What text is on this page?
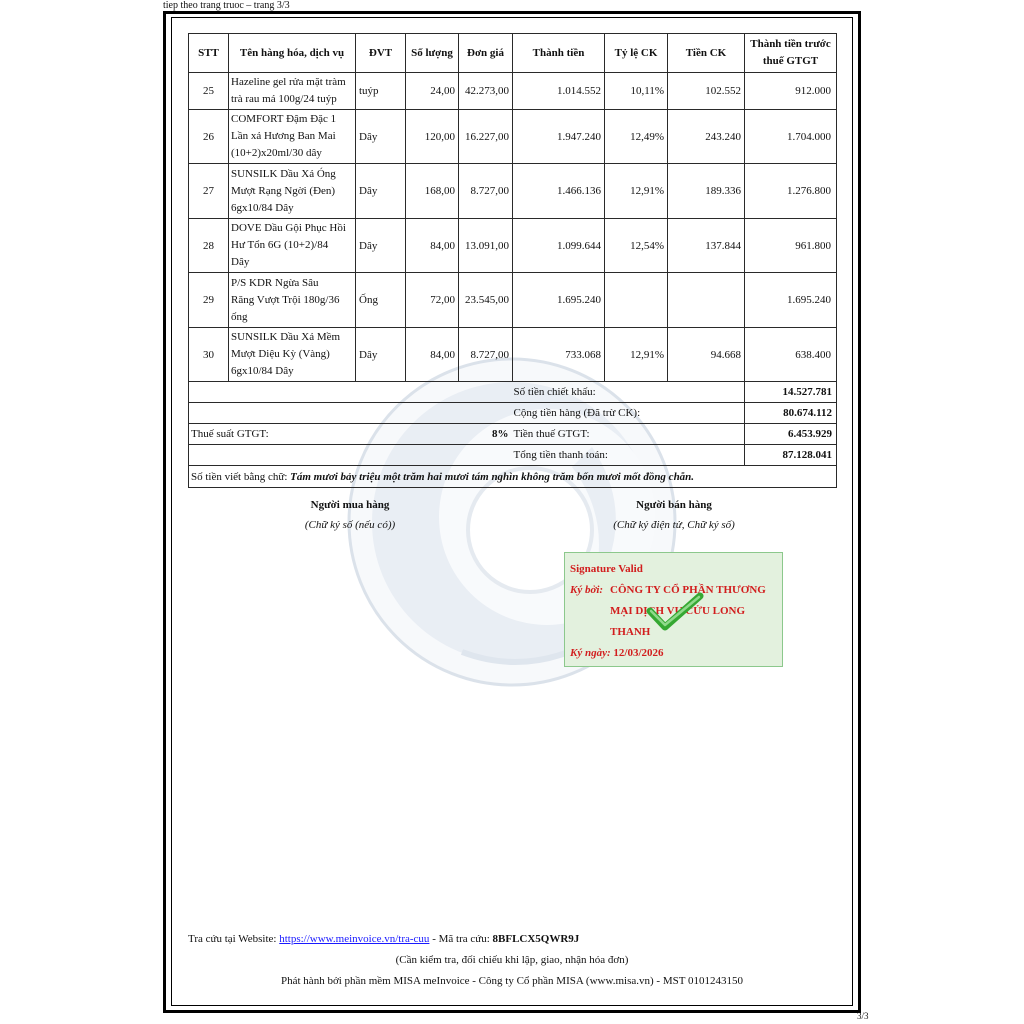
tiep theo trang truoc – trang 3/3
STT	Tên hàng hóa, dịch vụ	ĐVT	Số lượng	Đơn giá	Thành tiền	Tỷ lệ CK	Tiền CK	Thành tiền trước
thuế GTGT

25	Hazeline gel rửa mặt tràm
trà rau má 100g/24 tuýp	tuýp	24,00	42.273,00	1.014.552	10,11%	102.552	912.000
26	COMFORT Đậm Đặc 1
Lần xả Hương Ban Mai
(10+2)x20ml/30 dây	Dây	120,00	16.227,00	1.947.240	12,49%	243.240	1.704.000
27	SUNSILK Dầu Xả Óng
Mượt Rạng Ngời (Đen)
6gx10/84 Dây	Dây	168,00	8.727,00	1.466.136	12,91%	189.336	1.276.800
28	DOVE Dầu Gội Phục Hồi
Hư Tổn 6G (10+2)/84
Dây	Dây	84,00	13.091,00	1.099.644	12,54%	137.844	961.800
29	P/S KDR Ngừa Sâu
Răng Vượt Trội 180g/36
ống	Ống	72,00	23.545,00	1.695.240			1.695.240
30	SUNSILK Dầu Xả Mềm
Mượt Diệu Kỳ (Vàng)
6gx10/84 Dây	Dây	84,00	8.727,00	733.068	12,91%	94.668	638.400
					Số tiền chiết khấu:			14.527.781
					Cộng tiền hàng (Đã trừ CK):			80.674.112

Thuế suất GTGT: 8%					Tiền thuế GTGT:			6.453.929
					Tổng tiền thanh toán:			87.128.041
Số tiền viết bằng chữ: Tám mươi bảy triệu một trăm hai mươi tám nghìn không trăm bốn mươi mốt đồng chẵn.								
Người mua hàng
(Chữ ký số (nếu có))
Người bán hàng
(Chữ ký điện tử, Chữ ký số)
Signature Valid
Ký bởi: CÔNG TY CỔ PHẦN THƯƠNG
MẠI DỊCH VỤ CỬU LONG
THANH
Ký ngày: 12/03/2026
Tra cứu tại Website: https://www.meinvoice.vn/tra-cuu - Mã tra cứu: 8BFLCX5QWR9J
(Cần kiểm tra, đối chiếu khi lập, giao, nhận hóa đơn)
Phát hành bởi phần mềm MISA meInvoice - Công ty Cổ phần MISA (www.misa.vn) - MST 0101243150
3/3
